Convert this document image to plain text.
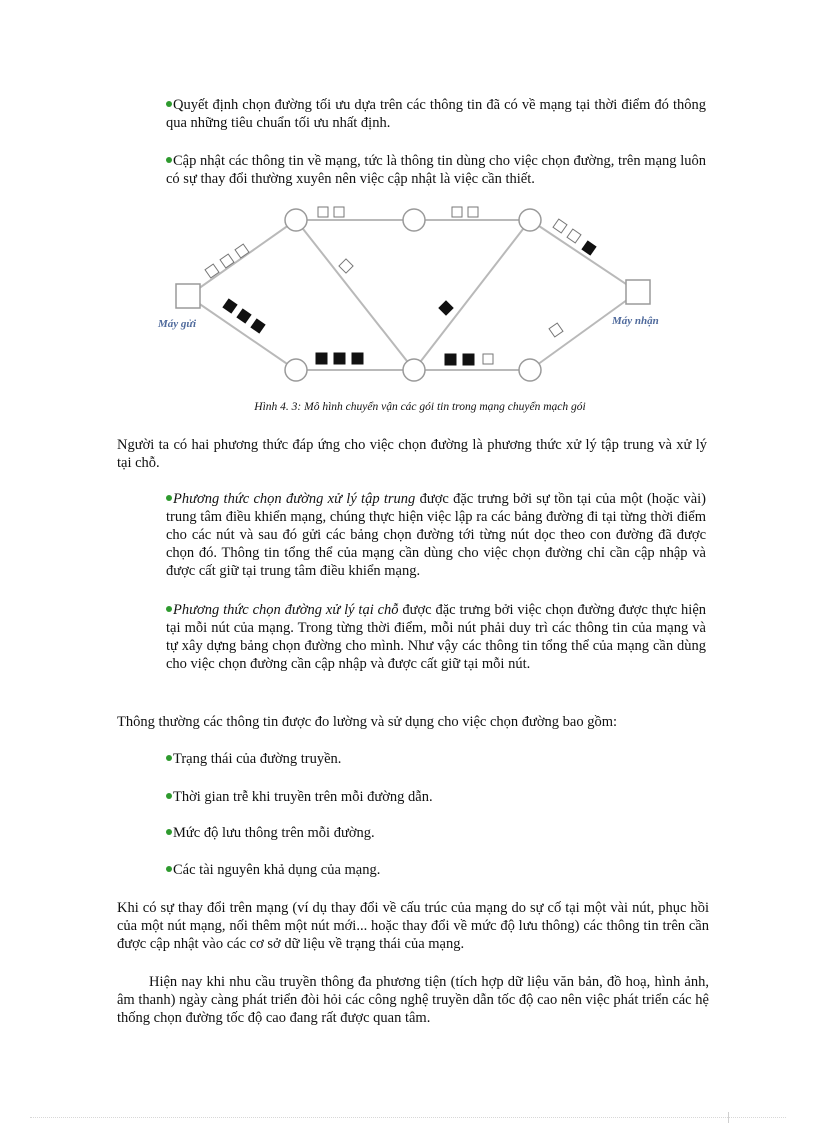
Quyết định chọn đường tối ưu dựa trên các thông tin đã có về mạng tại thời điểm đó thông qua những tiêu chuẩn tối ưu nhất định.
Cập nhật các thông tin về mạng, tức là thông tin dùng cho việc chọn đường, trên mạng luôn có sự thay đổi thường xuyên nên việc cập nhật là việc cần thiết.
Máy gửi	Máy nhận
Hình 4. 3: Mô hình chuyển vận các gói tin trong mạng chuyển mạch gói
Người ta có hai phương thức đáp ứng cho việc chọn đường là phương thức xử lý tập trung và xử lý tại chỗ.
Phương thức chọn đường xử lý tập trung được đặc trưng bởi sự tồn tại của một (hoặc vài) trung tâm điều khiển mạng, chúng thực hiện việc lập ra các bảng đường đi tại từng thời điểm cho các nút và sau đó gửi các bảng chọn đường tới từng nút dọc theo con đường đã được chọn đó. Thông tin tổng thể của mạng cần dùng cho việc chọn đường chỉ cần cập nhập và được cất giữ tại trung tâm điều khiển mạng.
Phương thức chọn đường xử lý tại chỗ được đặc trưng bởi việc chọn đường được thực hiện tại mỗi nút của mạng. Trong từng thời điểm, mỗi nút phải duy trì các thông tin của mạng và tự xây dựng bảng chọn đường cho mình. Như vậy các thông tin tổng thể của mạng cần dùng cho việc chọn đường cần cập nhập và được cất giữ tại mỗi nút.
Thông thường các thông tin được đo lường và sử dụng cho việc chọn đường bao gồm:
Trạng thái của đường truyền.
Thời gian trễ khi truyền trên mỗi đường dẫn.
Mức độ lưu thông trên mỗi đường.
Các tài nguyên khả dụng của mạng.
Khi có sự thay đổi trên mạng (ví dụ thay đổi về cấu trúc của mạng do sự cố tại một vài nút, phục hồi của một nút mạng, nối thêm một nút mới... hoặc thay đổi về mức độ lưu thông) các thông tin trên cần được cập nhật vào các cơ sở dữ liệu về trạng thái của mạng.
Hiện nay khi nhu cầu truyền thông đa phương tiện (tích hợp dữ liệu văn bản, đồ hoạ, hình ảnh, âm thanh) ngày càng phát triển đòi hỏi các công nghệ truyền dẫn tốc độ cao nên việc phát triển các hệ thống chọn đường tốc độ cao đang rất được quan tâm.
